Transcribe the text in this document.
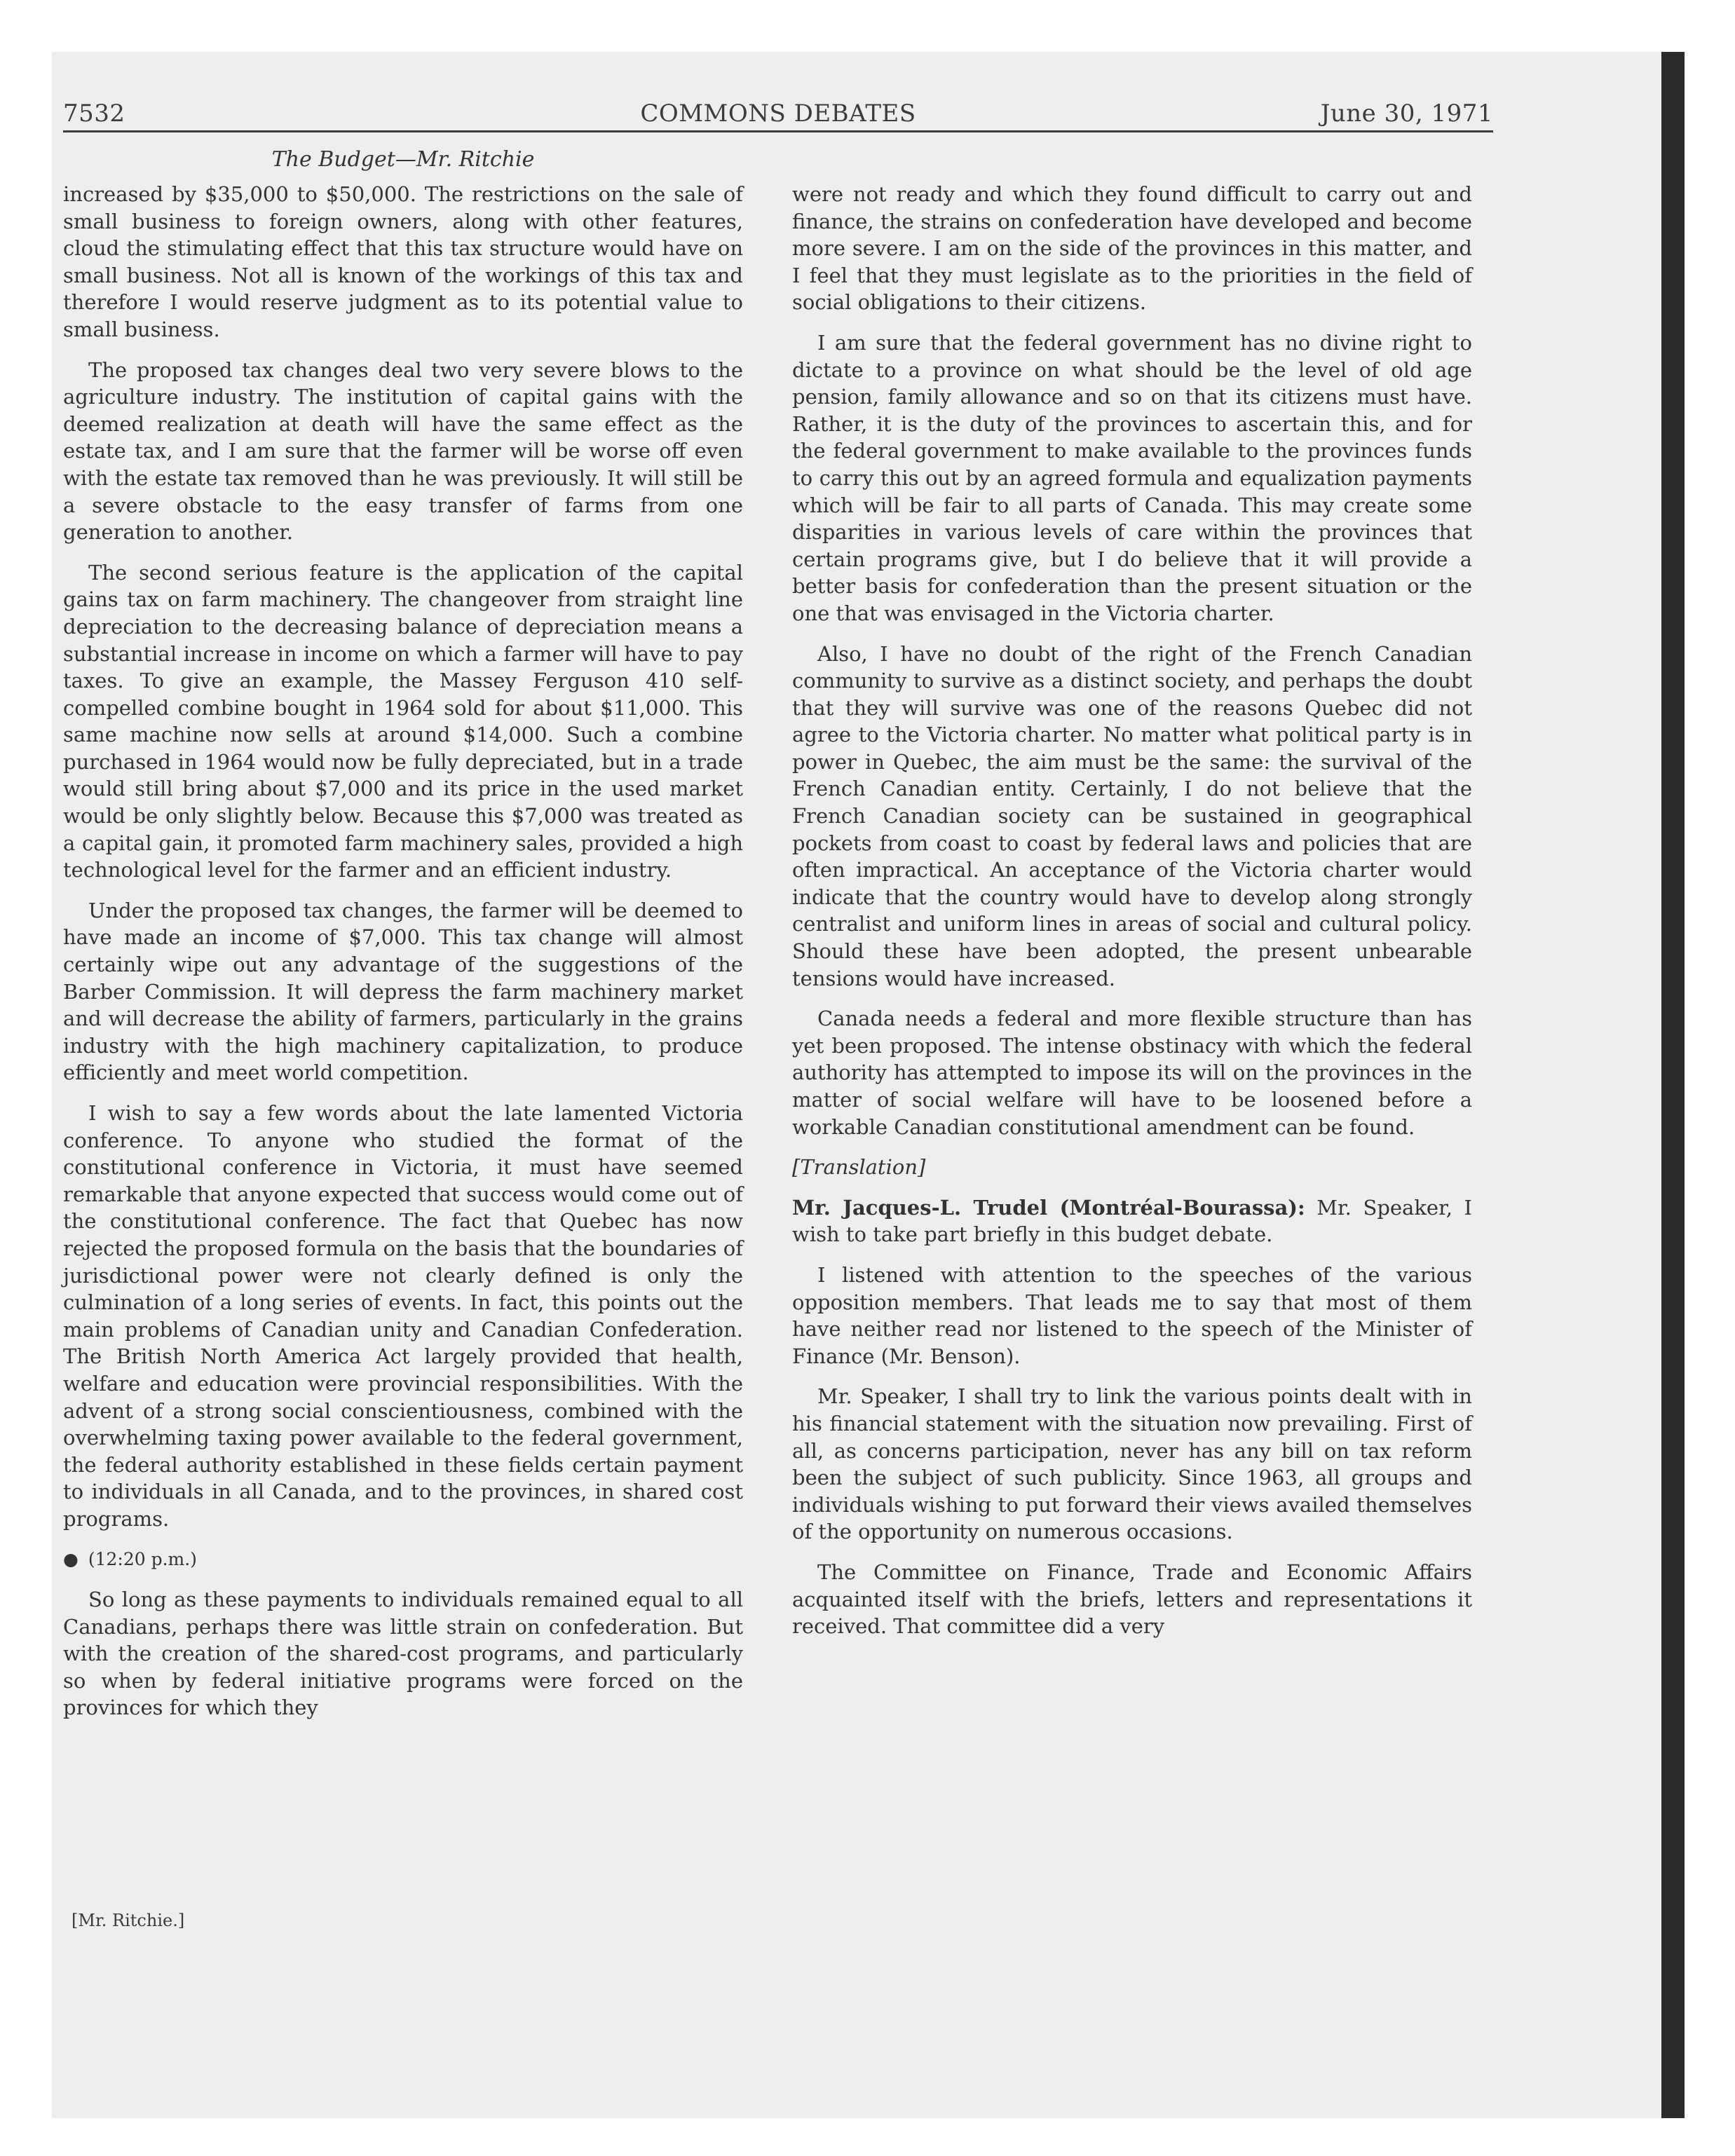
7532	COMMONS DEBATES	June 30, 1971
The Budget—Mr. Ritchie

increased by $35,000 to $50,000. The restrictions on the sale of small business to foreign owners, along with other features, cloud the stimulating effect that this tax structure would have on small business. Not all is known of the workings of this tax and therefore I would reserve judgment as to its potential value to small business.

The proposed tax changes deal two very severe blows to the agriculture industry. The institution of capital gains with the deemed realization at death will have the same effect as the estate tax, and I am sure that the farmer will be worse off even with the estate tax removed than he was previously. It will still be a severe obstacle to the easy transfer of farms from one generation to another.

The second serious feature is the application of the capital gains tax on farm machinery. The changeover from straight line depreciation to the decreasing balance of depreciation means a substantial increase in income on which a farmer will have to pay taxes. To give an example, the Massey Ferguson 410 self-compelled combine bought in 1964 sold for about $11,000. This same machine now sells at around $14,000. Such a combine purchased in 1964 would now be fully depreciated, but in a trade would still bring about $7,000 and its price in the used market would be only slightly below. Because this $7,000 was treated as a capital gain, it promoted farm machinery sales, provided a high technological level for the farmer and an efficient industry.

Under the proposed tax changes, the farmer will be deemed to have made an income of $7,000. This tax change will almost certainly wipe out any advantage of the suggestions of the Barber Commission. It will depress the farm machinery market and will decrease the ability of farmers, particularly in the grains industry with the high machinery capitalization, to produce efficiently and meet world competition.

I wish to say a few words about the late lamented Victoria conference. To anyone who studied the format of the constitutional conference in Victoria, it must have seemed remarkable that anyone expected that success would come out of the constitutional conference. The fact that Quebec has now rejected the proposed formula on the basis that the boundaries of jurisdictional power were not clearly defined is only the culmination of a long series of events. In fact, this points out the main problems of Canadian unity and Canadian Confederation. The British North America Act largely provided that health, welfare and education were provincial responsibilities. With the advent of a strong social conscientiousness, combined with the overwhelming taxing power available to the federal government, the federal authority established in these fields certain payment to individuals in all Canada, and to the provinces, in shared cost programs.

● (12:20 p.m.)

So long as these payments to individuals remained equal to all Canadians, perhaps there was little strain on confederation. But with the creation of the shared-cost programs, and particularly so when by federal initiative programs were forced on the provinces for which they

were not ready and which they found difficult to carry out and finance, the strains on confederation have developed and become more severe. I am on the side of the provinces in this matter, and I feel that they must legislate as to the priorities in the field of social obligations to their citizens.

I am sure that the federal government has no divine right to dictate to a province on what should be the level of old age pension, family allowance and so on that its citizens must have. Rather, it is the duty of the provinces to ascertain this, and for the federal government to make available to the provinces funds to carry this out by an agreed formula and equalization payments which will be fair to all parts of Canada. This may create some disparities in various levels of care within the provinces that certain programs give, but I do believe that it will provide a better basis for confederation than the present situation or the one that was envisaged in the Victoria charter.

Also, I have no doubt of the right of the French Canadian community to survive as a distinct society, and perhaps the doubt that they will survive was one of the reasons Quebec did not agree to the Victoria charter. No matter what political party is in power in Quebec, the aim must be the same: the survival of the French Canadian entity. Certainly, I do not believe that the French Canadian society can be sustained in geographical pockets from coast to coast by federal laws and policies that are often impractical. An acceptance of the Victoria charter would indicate that the country would have to develop along strongly centralist and uniform lines in areas of social and cultural policy. Should these have been adopted, the present unbearable tensions would have increased.

Canada needs a federal and more flexible structure than has yet been proposed. The intense obstinacy with which the federal authority has attempted to impose its will on the provinces in the matter of social welfare will have to be loosened before a workable Canadian constitutional amendment can be found.

[Translation]

Mr. Jacques-L. Trudel (Montréal-Bourassa): Mr. Speaker, I wish to take part briefly in this budget debate.

I listened with attention to the speeches of the various opposition members. That leads me to say that most of them have neither read nor listened to the speech of the Minister of Finance (Mr. Benson).

Mr. Speaker, I shall try to link the various points dealt with in his financial statement with the situation now prevailing. First of all, as concerns participation, never has any bill on tax reform been the subject of such publicity. Since 1963, all groups and individuals wishing to put forward their views availed themselves of the opportunity on numerous occasions.

The Committee on Finance, Trade and Economic Affairs acquainted itself with the briefs, letters and representations it received. That committee did a very

[Mr. Ritchie.]
